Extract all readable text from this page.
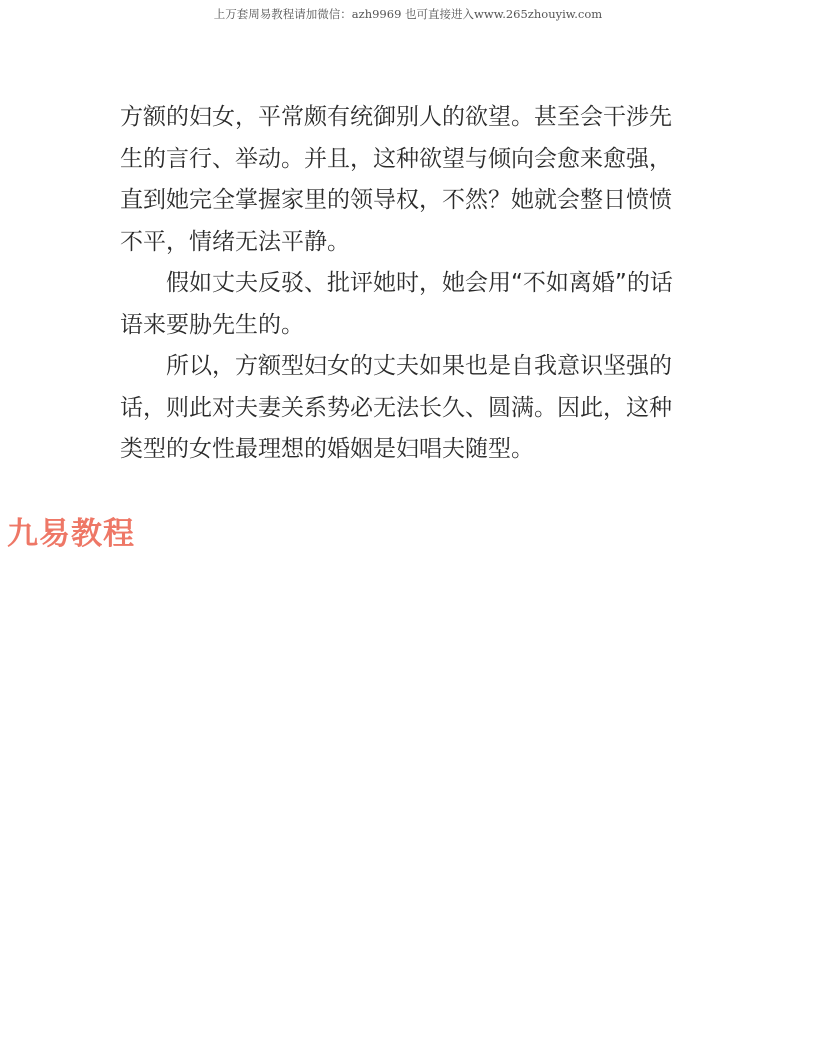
上万套周易教程请加微信：azh9969 也可直接进入www.265zhouyiw.com

方额的妇女，平常颇有统御别人的欲望。甚至会干涉先

生的言行、举动。并且，这种欲望与倾向会愈来愈强，

直到她完全掌握家里的领导权，不然？她就会整日愤愤

不平，情绪无法平静。

假如丈夫反驳、批评她时，她会用“不如离婚”的话

语来要胁先生的。

所以，方额型妇女的丈夫如果也是自我意识坚强的

话，则此对夫妻关系势必无法长久、圆满。因此，这种

类型的女性最理想的婚姻是妇唱夫随型。

九易教程
